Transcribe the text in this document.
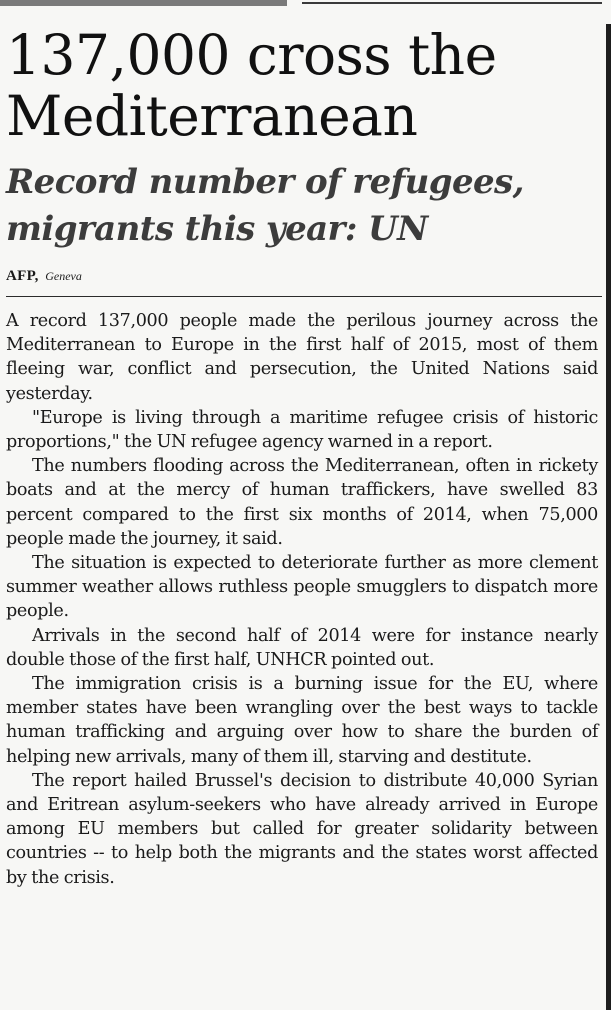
137,000 cross the Mediterranean
Record number of refugees, migrants this year: UN
AFP, Geneva

A record 137,000 people made the perilous journey across the Mediterranean to Europe in the first half of 2015, most of them fleeing war, conflict and persecution, the United Nations said yesterday.

"Europe is living through a maritime refugee crisis of historic proportions," the UN refugee agency warned in a report.

The numbers flooding across the Mediterranean, often in rickety boats and at the mercy of human traffickers, have swelled 83 percent compared to the first six months of 2014, when 75,000 people made the journey, it said.

The situation is expected to deteriorate further as more clement summer weather allows ruthless people smugglers to dispatch more people.

Arrivals in the second half of 2014 were for instance nearly double those of the first half, UNHCR pointed out.

The immigration crisis is a burning issue for the EU, where member states have been wrangling over the best ways to tackle human trafficking and arguing over how to share the burden of helping new arrivals, many of them ill, starving and destitute.

The report hailed Brussel's decision to distribute 40,000 Syrian and Eritrean asylum-seekers who have already arrived in Europe among EU members but called for greater solidarity between countries -- to help both the migrants and the states worst affected by the crisis.
